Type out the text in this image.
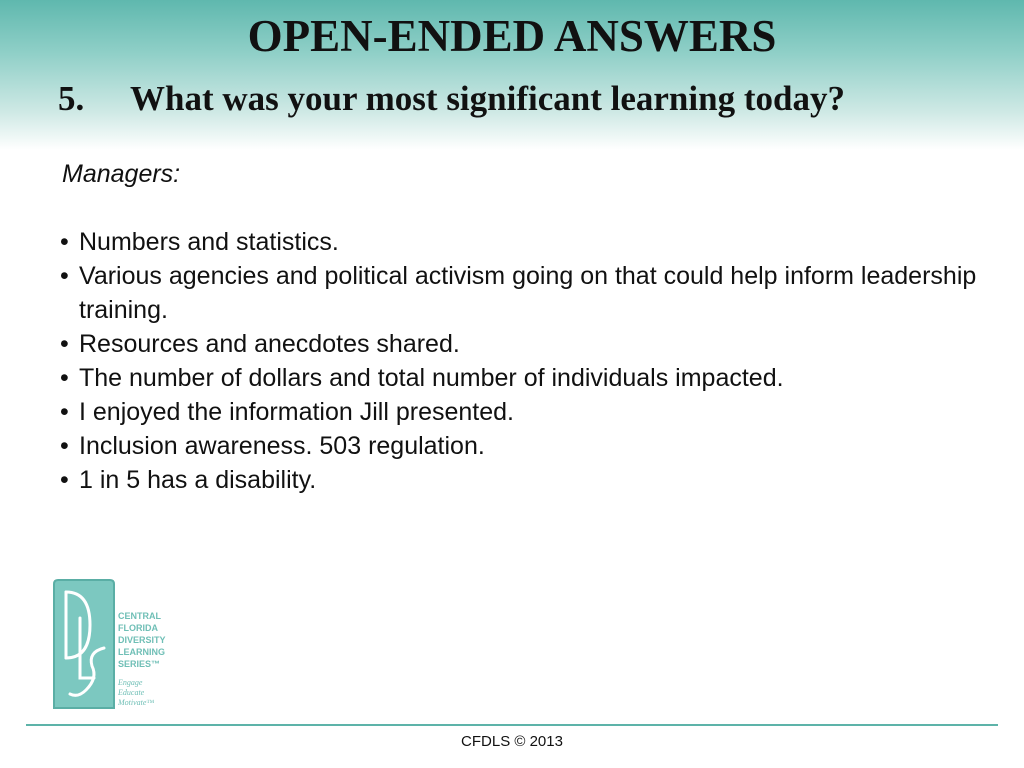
OPEN-ENDED ANSWERS
5. What was your most significant learning today?
Managers:
• Numbers and statistics.
• Various agencies and political activism going on that could help inform leadership training.
• Resources and anecdotes shared.
• The number of dollars and total number of individuals impacted.
• I enjoyed the information Jill presented.
• Inclusion awareness. 503 regulation.
• 1 in 5 has a disability.
CENTRAL
FLORIDA
DIVERSITY
LEARNING
SERIES™
Engage
Educate
Motivate™
CFDLS © 2013
